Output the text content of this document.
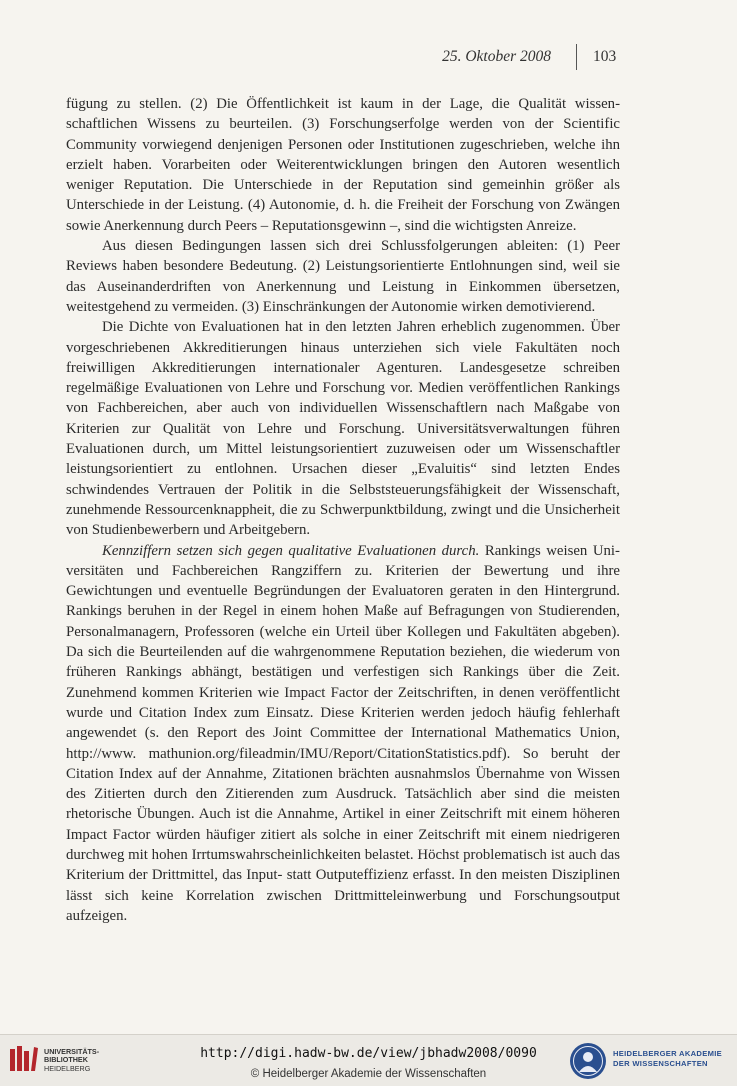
25. Oktober 2008	103

fügung zu stellen. (2) Die Öffentlichkeit ist kaum in der Lage, die Qualität wissenschaftlichen Wissens zu beurteilen. (3) Forschungserfolge werden von der Scientific Community vorwiegend denjenigen Personen oder Institutionen zugeschrieben, welche ihn erzielt haben. Vorarbeiten oder Weiterentwicklungen bringen den Autoren wesentlich weniger Reputation. Die Unterschiede in der Reputation sind gemeinhin größer als Unterschiede in der Leistung. (4) Autonomie, d. h. die Freiheit der Forschung von Zwängen sowie Anerkennung durch Peers – Reputationsgewinn –, sind die wichtigsten Anreize.

Aus diesen Bedingungen lassen sich drei Schlussfolgerungen ableiten: (1) Peer Reviews haben besondere Bedeutung. (2) Leistungsorientierte Entlohnungen sind, weil sie das Auseinanderdriften von Anerkennung und Leistung in Einkommen übersetzen, weitestgehend zu vermeiden. (3) Einschränkungen der Autonomie wirken demotivierend.

Die Dichte von Evaluationen hat in den letzten Jahren erheblich zugenommen. Über vorgeschriebenen Akkreditierungen hinaus unterziehen sich viele Fakultäten noch freiwilligen Akkreditierungen internationaler Agenturen. Landesgesetze schreiben regelmäßige Evaluationen von Lehre und Forschung vor. Medien veröffentlichen Rankings von Fachbereichen, aber auch von individuellen Wissenschaftlern nach Maßgabe von Kriterien zur Qualität von Lehre und Forschung. Universitätsverwaltungen führen Evaluationen durch, um Mittel leistungsorientiert zuzuweisen oder um Wissenschaftler leistungsorientiert zu entlohnen. Ursachen dieser „Evaluitis“ sind letzten Endes schwindendes Vertrauen der Politik in die Selbststeuerungsfähigkeit der Wissenschaft, zunehmende Ressourcenknappheit, die zu Schwerpunktbildung, zwingt und die Unsicherheit von Studienbewerbern und Arbeitgebern.

Kennziffern setzen sich gegen qualitative Evaluationen durch. Rankings weisen Universitäten und Fachbereichen Rangziffern zu. Kriterien der Bewertung und ihre Gewichtungen und eventuelle Begründungen der Evaluatoren geraten in den Hintergrund. Rankings beruhen in der Regel in einem hohen Maße auf Befragungen von Studierenden, Personalmanagern, Professoren (welche ein Urteil über Kollegen und Fakultäten abgeben). Da sich die Beurteilenden auf die wahrgenommene Reputation beziehen, die wiederum von früheren Rankings abhängt, bestätigen und verfestigen sich Rankings über die Zeit. Zunehmend kommen Kriterien wie Impact Factor der Zeitschriften, in denen veröffentlicht wurde und Citation Index zum Einsatz. Diese Kriterien werden jedoch häufig fehlerhaft angewendet (s. den Report des Joint Committee der International Mathematics Union, http://www. mathunion.org/fileadmin/IMU/Report/CitationStatistics.pdf). So beruht der Citation Index auf der Annahme, Zitationen brächten ausnahmslos Übernahme von Wissen des Zitierten durch den Zitierenden zum Ausdruck. Tatsächlich aber sind die meisten rhetorische Übungen. Auch ist die Annahme, Artikel in einer Zeitschrift mit einem höheren Impact Factor würden häufiger zitiert als solche in einer Zeitschrift mit einem niedrigeren durchweg mit hohen Irrtumswahrscheinlichkeiten belastet. Höchst problematisch ist auch das Kriterium der Drittmittel, das Input- statt Outputeffizienz erfasst. In den meisten Disziplinen lässt sich keine Korrelation zwischen Drittmitteleinwerbung und Forschungsoutput aufzeigen.

UNIVERSITÄTS-
BIBLIOTHEK
HEIDELBERG
http://digi.hadw-bw.de/view/jbhadw2008/0090
© Heidelberger Akademie der Wissenschaften
HEIDELBERGER AKADEMIE
DER WISSENSCHAFTEN
